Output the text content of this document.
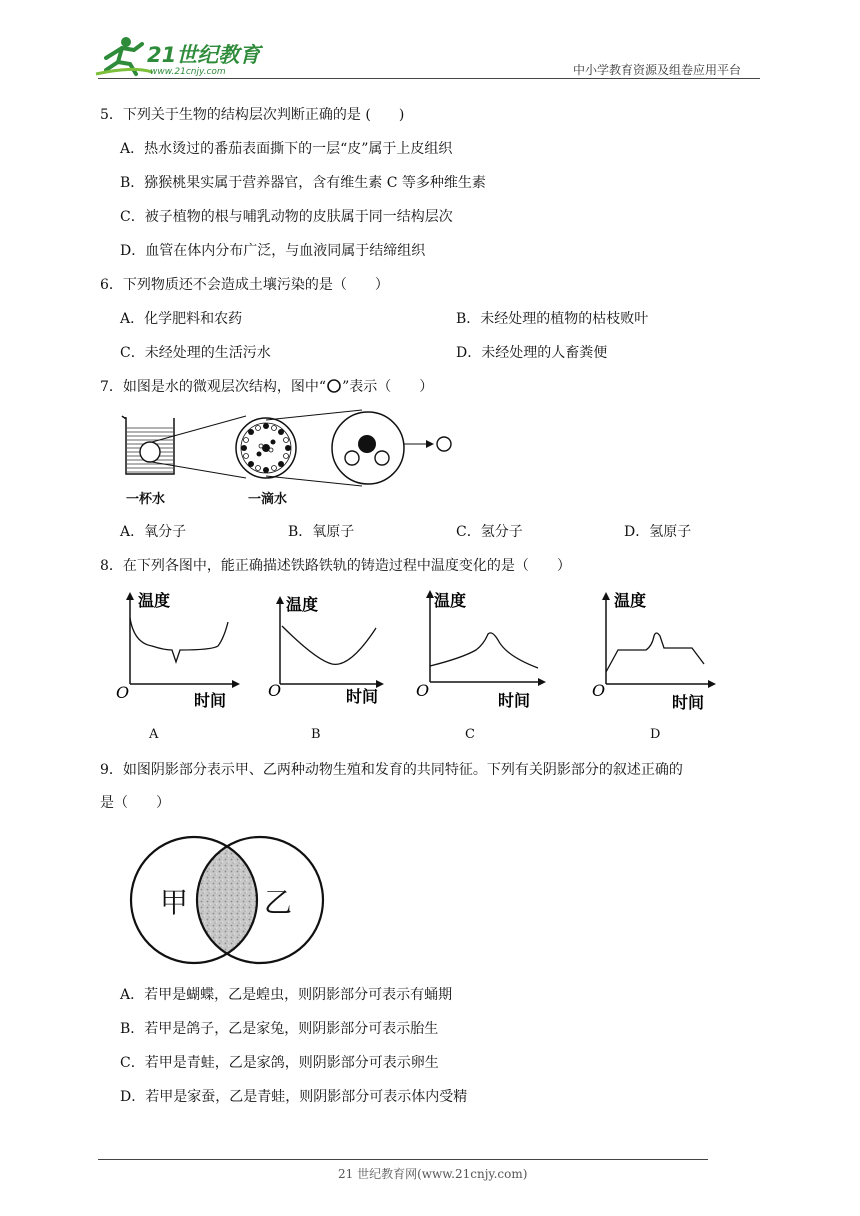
21世纪教育
www.21cnjy.com	中小学教育资源及组卷应用平台
5．下列关于生物的结构层次判断正确的是 (　　)
A．热水烫过的番茄表面撕下的一层“皮”属于上皮组织
B．猕猴桃果实属于营养器官，含有维生素 C 等多种维生素
C．被子植物的根与哺乳动物的皮肤属于同一结构层次
D．血管在体内分布广泛，与血液同属于结缔组织
6．下列物质还不会造成土壤污染的是（　　）
A．化学肥料和农药	B．未经处理的植物的枯枝败叶
C．未经处理的生活污水	D．未经处理的人畜粪便
7．如图是水的微观层次结构，图中“ ”表示（　　）
一杯水	一滴水
A．氧分子	B．氧原子	C．氢分子	D．氢原子
8．在下列各图中，能正确描述铁路铁轨的铸造过程中温度变化的是（　　）
温度
时间
O
温度
时间
O
温度
时间
O
温度
时间
O
A	B	C	D
9．如图阴影部分表示甲、乙两种动物生殖和发育的共同特征。下列有关阴影部分的叙述正确的
是（　　）
甲	乙
A．若甲是蝴蝶，乙是蝗虫，则阴影部分可表示有蛹期
B．若甲是鸽子，乙是家兔，则阴影部分可表示胎生
C．若甲是青蛙，乙是家鸽，则阴影部分可表示卵生
D．若甲是家蚕，乙是青蛙，则阴影部分可表示体内受精
21 世纪教育网(www.21cnjy.com)
